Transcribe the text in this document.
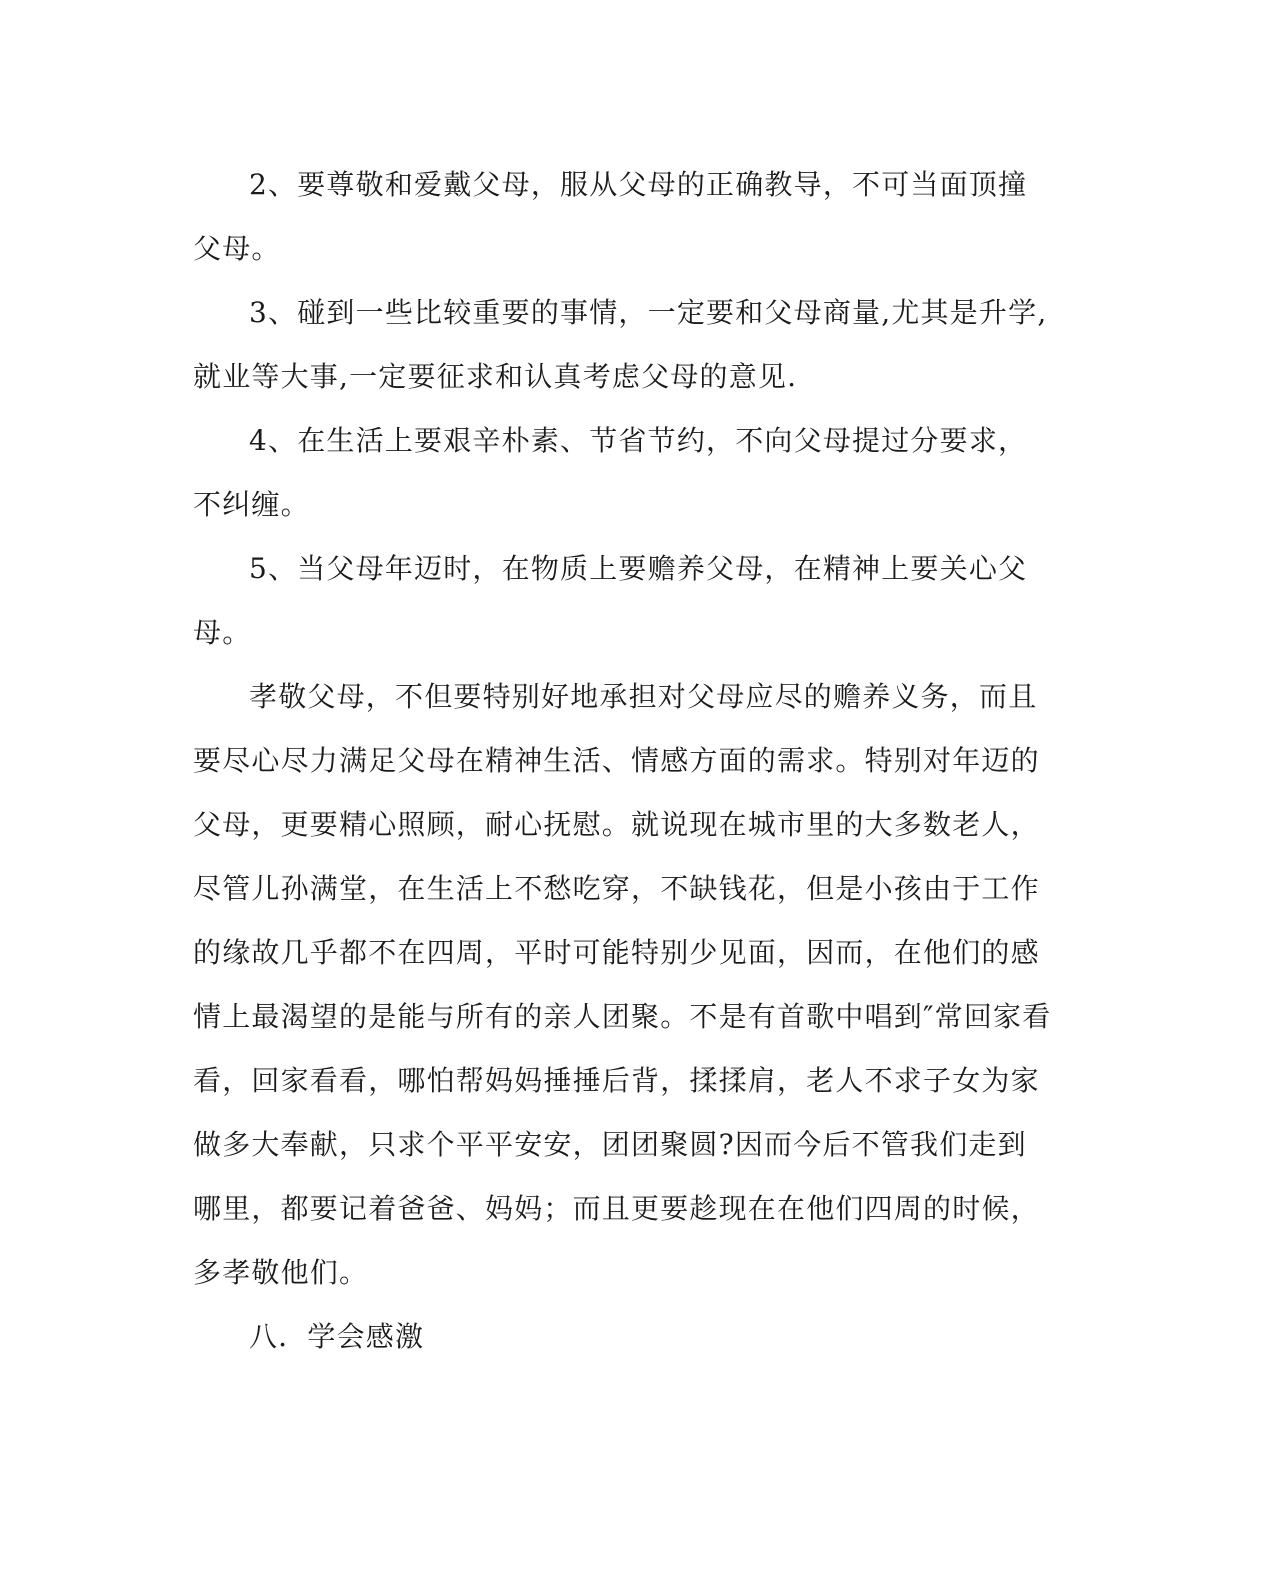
2、要尊敬和爱戴父母，服从父母的正确教导，不可当面顶撞父母。

3、碰到一些比较重要的事情，一定要和父母商量,尤其是升学,就业等大事,一定要征求和认真考虑父母的意见.

4、在生活上要艰辛朴素、节省节约，不向父母提过分要求，不纠缠。

5、当父母年迈时，在物质上要赡养父母，在精神上要关心父母。

孝敬父母，不但要特别好地承担对父母应尽的赡养义务，而且要尽心尽力满足父母在精神生活、情感方面的需求。特别对年迈的父母，更要精心照顾，耐心抚慰。就说现在城市里的大多数老人，尽管儿孙满堂，在生活上不愁吃穿，不缺钱花，但是小孩由于工作的缘故几乎都不在四周，平时可能特别少见面，因而，在他们的感情上最渴望的是能与所有的亲人团聚。不是有首歌中唱到″常回家看看，回家看看，哪怕帮妈妈捶捶后背，揉揉肩，老人不求子女为家做多大奉献，只求个平平安安，团团聚圆?因而今后不管我们走到哪里，都要记着爸爸、妈妈；而且更要趁现在在他们四周的时候，多孝敬他们。

八．学会感激
